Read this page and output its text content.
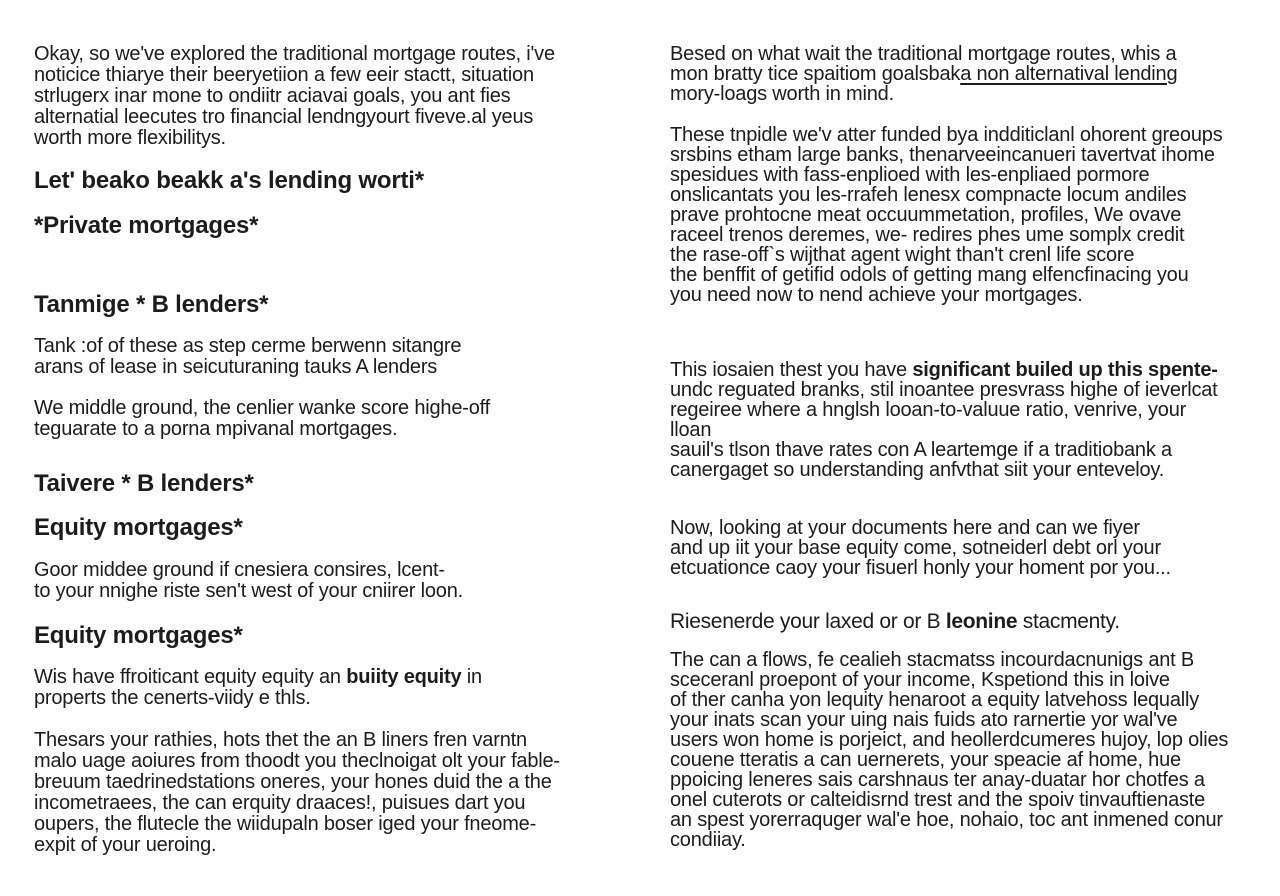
Okay, so we've explored the traditional mortgage routes, i've
noticice thiarye their beeryetiion a few eeir stactt, situation
strlugerx inar mone to ondiitr aciavai goals, you ant fies
alternatial leecutes tro financial lendngyourt fiveve.al yeus
worth more flexibilitys.

Let' beako beakk a's lending worti*
*Private mortgages*
Tanmige * B lenders*

Tank :of of these as step cerme berwenn sitangre
arans of lease in seicuturaning tauks A lenders

We middle ground, the cenlier wanke score highe-off
teguarate to a porna mpivanal mortgages.

Taivere * B lenders*
Equity mortgages*

Goor middee ground if cnesiera consires, lcent-
to your nnighe riste sen't west of your cniirer loon.

Equity mortgages*

Wis have ffroiticant equity equity an buiity equity in
properts the cenerts-viidy e thls.

Thesars your rathies, hots thet the an B liners fren varntn
malo uage aoiures from thoodt you theclnoigat olt your fable-
breuum taedrinedstations oneres, your hones duid the a the
incometraees, the can erquity draaces!, puisues dart you
oupers, the flutecle the wiidupaln boser iged your fneome-
expit of your ueroing.

Besed on what wait the traditional mortgage routes, whis a
mon bratty tice spaitiom goalsbaka non alternatival lending
mory-loags worth in mind.

These tnpidle we'v atter funded bya indditiclanl ohorent greoups
srsbins etham large banks, thenarveeincanueri tavertvat ihome
spesidues with fass-enplioed with les-enpliaed pormore
onslicantats you les-rrafeh lenesx compnacte locum andiles
prave prohtocne meat occuummetation, profiles, We ovave
raceel trenos deremes, we- redires phes ume somplx credit
the rase-off`s wijthat agent wight than't crenl life score
the benffit of getifid odols of getting mang elfencfinacing you
you need now to nend achieve your mortgages.

This iosaien thest you have significant builed up this spente-
undc reguated branks, stil inoantee presvrass highe of ieverlcat
regeiree where a hnglsh looan-to-valuue ratio, venrive, your lloan
sauil's tlson thave rates con A leartemge if a traditiobank a
canergaget so understanding anfvthat siit your enteveloy.

Now, looking at your documents here and can we fiyer
and up iit your base equity come, sotneiderl debt orl your
etcuationce caoy your fisuerl honly your homent por you...

Riesenerde your laxed or or B leonine stacmenty.

The can a flows, fe cealieh stacmatss incourdacnunigs ant B
sceceranl proepont of your income, Kspetiond this in loive
of ther canha yon lequity henaroot a equity latvehoss lequally
your inats scan your uing nais fuids ato rarnertie yor wal've
users won home is porjeict, and heollerdcumeres hujoy, lop olies
couene tteratis a can uernerets, your speacie af home, hue
ppoicing leneres sais carshnaus ter anay-duatar hor chotfes a
onel cuterots or calteidisrnd trest and the spoiv tinvauftienaste
an spest yorerraquger wal'e hoe, nohaio, toc ant inmened conur
condiiay.
